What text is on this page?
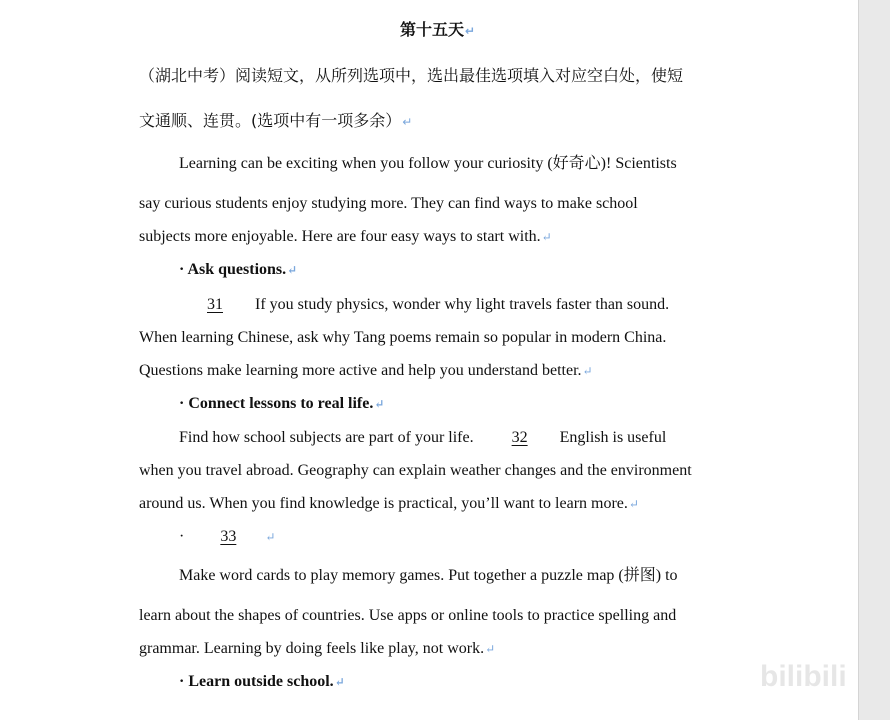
第十五天↵
（湖北中考）阅读短文，从所列选项中，选出最佳选项填入对应空白处，使短
文通顺、连贯。(选项中有一项多余）↵
Learning can be exciting when you follow your curiosity (好奇心)! Scientists
say curious students enjoy studying more. They can find ways to make school
subjects more enjoyable. Here are four easy ways to start with.↵
· Ask questions.↵
31 If you study physics, wonder why light travels faster than sound.
When learning Chinese, ask why Tang poems remain so popular in modern China.
Questions make learning more active and help you understand better.↵
· Connect lessons to real life.↵
Find how school subjects are part of your life. 32 English is useful
when you travel abroad. Geography can explain weather changes and the environment
around us. When you find knowledge is practical, you’ll want to learn more.↵
· 33 ↵
Make word cards to play memory games. Put together a puzzle map (拼图) to
learn about the shapes of countries. Use apps or online tools to practice spelling and
grammar. Learning by doing feels like play, not work.↵
· Learn outside school.↵	bilibili
